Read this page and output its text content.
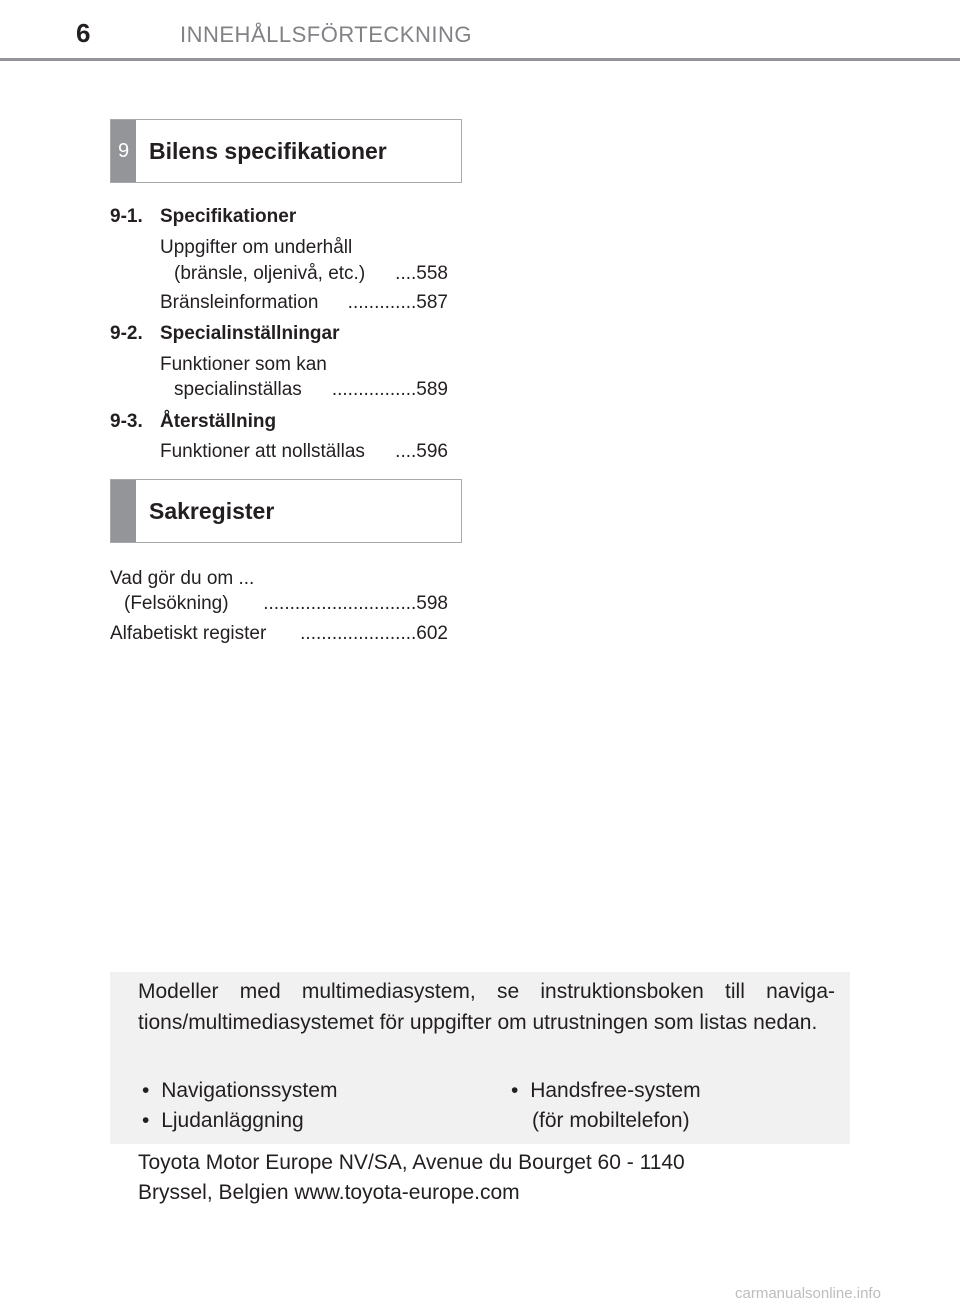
6	INNEHÅLLSFÖRTECKNING
9 Bilens specifikationer
9-1. Specifikationer
Uppgifter om underhåll
(bränsle, oljenivå, etc.)	.... 558
Bränsleinformation	............. 587
9-2. Specialinställningar
Funktioner som kan
specialinställas	................ 589
9-3. Återställning
Funktioner att nollställas	.... 596
Sakregister
Vad gör du om ...
(Felsökning)	............................. 598
Alfabetiskt register	...................... 602
Modeller med multimediasystem, se instruktionsboken till naviga-tions/multimediasystemet för uppgifter om utrustningen som listas nedan.
• Navigationssystem
• Ljudanläggning
• Handsfree-system
(för mobiltelefon)
Toyota Motor Europe NV/SA, Avenue du Bourget 60 - 1140
Bryssel, Belgien www.toyota-europe.com
carmanualsonline.info
